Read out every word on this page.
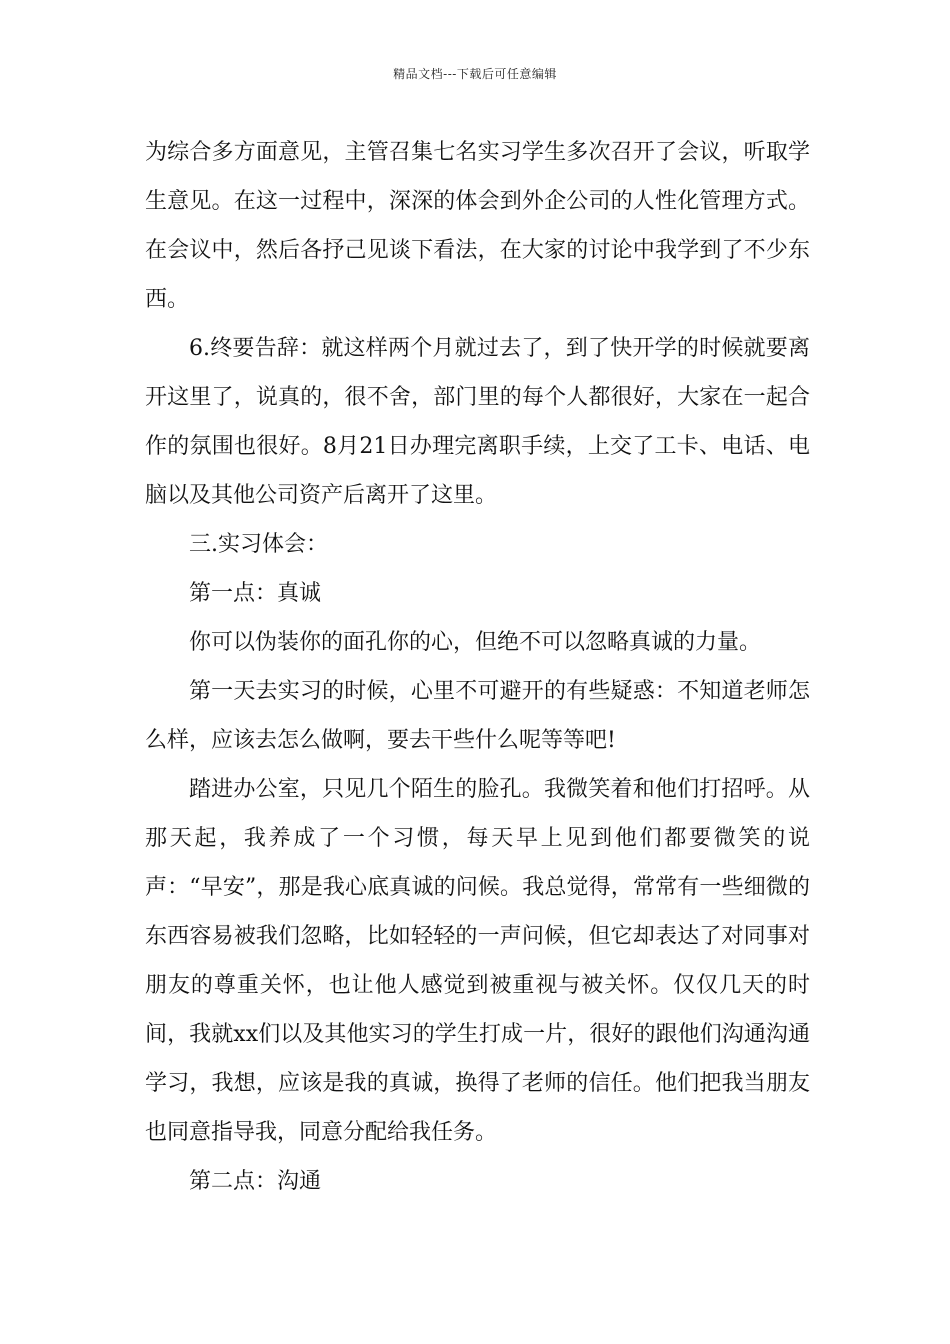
精品文档---下载后可任意编辑

为综合多方面意见，主管召集七名实习学生多次召开了会议，听取学生意见。在这一过程中，深深的体会到外企公司的人性化管理方式。在会议中，然后各抒己见谈下看法，在大家的讨论中我学到了不少东西。

6.终要告辞：就这样两个月就过去了，到了快开学的时候就要离开这里了，说真的，很不舍，部门里的每个人都很好，大家在一起合作的氛围也很好。8月21日办理完离职手续，上交了工卡、电话、电脑以及其他公司资产后离开了这里。

三.实习体会：

第一点：真诚

你可以伪装你的面孔你的心，但绝不可以忽略真诚的力量。

第一天去实习的时候，心里不可避开的有些疑惑：不知道老师怎么样，应该去怎么做啊，要去干些什么呢等等吧!

踏进办公室，只见几个陌生的脸孔。我微笑着和他们打招呼。从那天起，我养成了一个习惯，每天早上见到他们都要微笑的说声：“早安”，那是我心底真诚的问候。我总觉得，常常有一些细微的东西容易被我们忽略，比如轻轻的一声问候，但它却表达了对同事对朋友的尊重关怀，也让他人感觉到被重视与被关怀。仅仅几天的时间，我就xx们以及其他实习的学生打成一片，很好的跟他们沟通沟通学习，我想，应该是我的真诚，换得了老师的信任。他们把我当朋友也同意指导我，同意分配给我任务。

第二点：沟通
